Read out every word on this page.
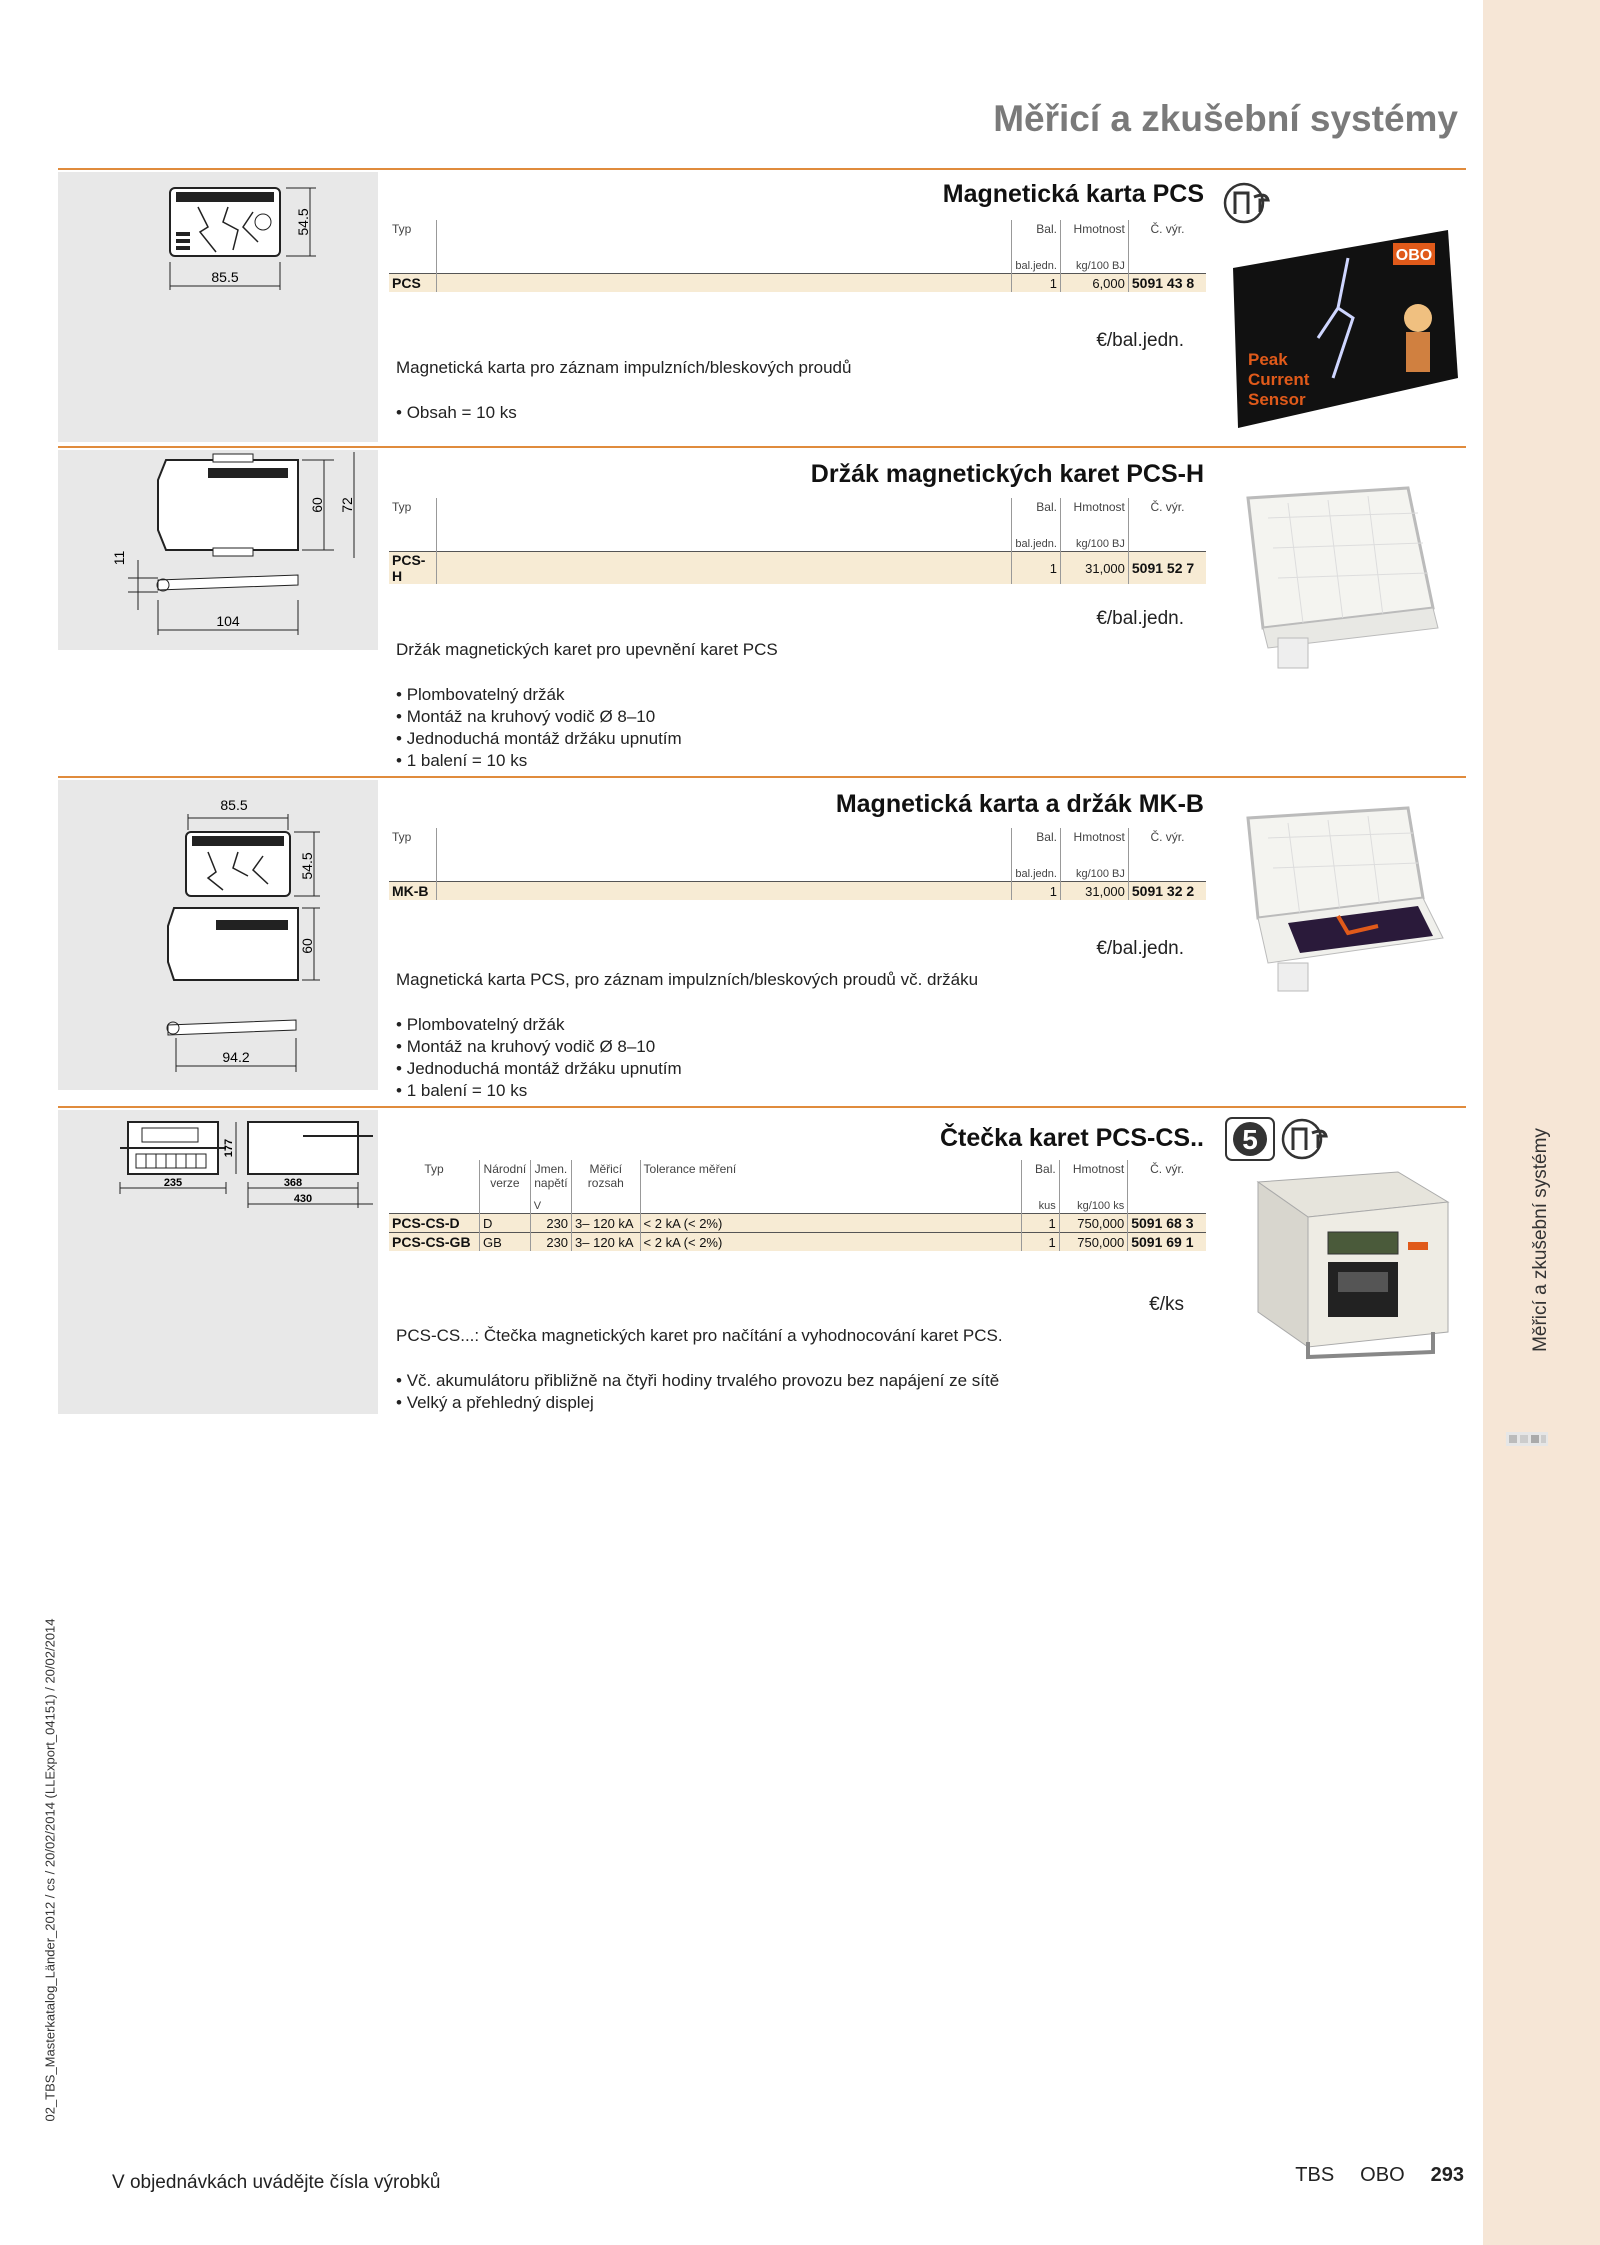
Měřicí a zkušební systémy
Měřicí a zkušební systémy
85.5
54.5
Magnetická karta PCS
Typ		Bal.	Hmotnost	Č. výr.
		bal.jedn.	kg/100 BJ	
PCS		1	6,000	5091 43 8
€/bal.jedn.
Magnetická karta pro záznam impulzních/bleskových proudů
• Obsah = 10 ks
OBO
Peak
Current
Sensor
60 72
11
104
Držák magnetických karet PCS-H
Typ		Bal.	Hmotnost	Č. výr.
		bal.jedn.	kg/100 BJ	
PCS-H		1	31,000	5091 52 7
€/bal.jedn.
Držák magnetických karet pro upevnění karet PCS
• Plombovatelný držák
• Montáž na kruhový vodič Ø 8–10
• Jednoduchá montáž držáku upnutím
• 1 balení = 10 ks
85.5
54.5
60
94.2
Magnetická karta a držák MK-B
Typ		Bal.	Hmotnost	Č. výr.
		bal.jedn.	kg/100 BJ	
MK-B		1	31,000	5091 32 2
€/bal.jedn.
Magnetická karta PCS, pro záznam impulzních/bleskových proudů vč. držáku
• Plombovatelný držák
• Montáž na kruhový vodič Ø 8–10
• Jednoduchá montáž držáku upnutím
• 1 balení = 10 ks
235
177
368
430
Čtečka karet PCS-CS.. 5
Typ	Národní verze	Jmen. napětí	Měřicí rozsah	Tolerance měření		Bal.	Hmotnost	Č. výr.
		V				kus	kg/100 ks	
PCS-CS-D	D	230	3– 120 kA	< 2 kA (< 2%)		1	750,000	5091 68 3
PCS-CS-GB	GB	230	3– 120 kA	< 2 kA (< 2%)		1	750,000	5091 69 1
€/ks
PCS-CS...: Čtečka magnetických karet pro načítání a vyhodnocování karet PCS.
• Vč. akumulátoru přibližně na čtyři hodiny trvalého provozu bez napájení ze sítě
• Velký a přehledný displej
02_TBS_Masterkatalog_Länder_2012 / cs / 20/02/2014 (LLExport_04151) / 20/02/2014
V objednávkách uvádějte čísla výrobků	TBS OBO 293
